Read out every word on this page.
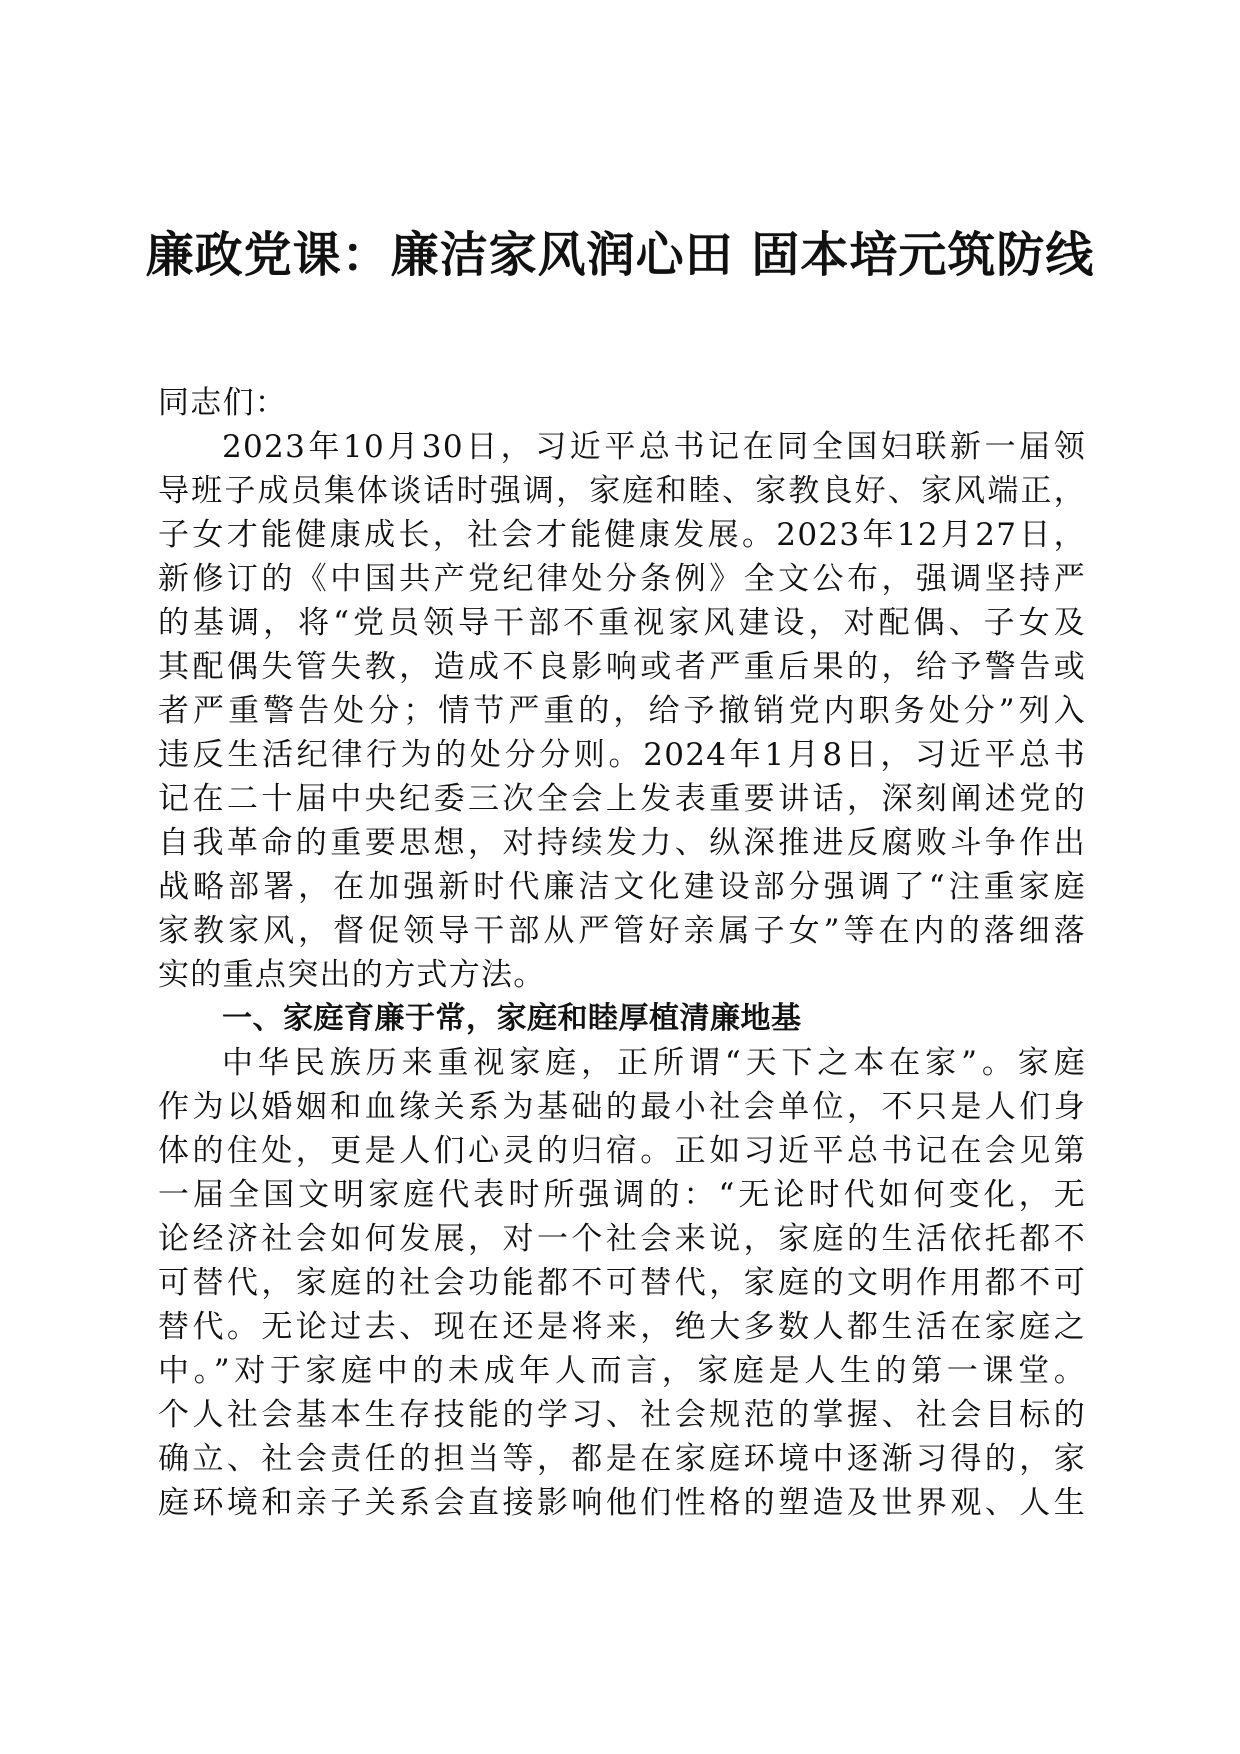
廉政党课：廉洁家风润心田 固本培元筑防线
同志们：
2023年10月30日，习近平总书记在同全国妇联新一届领
导班子成员集体谈话时强调，家庭和睦、家教良好、家风端正，
子女才能健康成长，社会才能健康发展。2023年12月27日，
新修订的《中国共产党纪律处分条例》全文公布，强调坚持严
的基调，将“党员领导干部不重视家风建设，对配偶、子女及
其配偶失管失教，造成不良影响或者严重后果的，给予警告或
者严重警告处分；情节严重的，给予撤销党内职务处分”列入
违反生活纪律行为的处分分则。2024年1月8日，习近平总书
记在二十届中央纪委三次全会上发表重要讲话，深刻阐述党的
自我革命的重要思想，对持续发力、纵深推进反腐败斗争作出
战略部署，在加强新时代廉洁文化建设部分强调了“注重家庭
家教家风，督促领导干部从严管好亲属子女”等在内的落细落
实的重点突出的方式方法。
一、家庭育廉于常，家庭和睦厚植清廉地基
中华民族历来重视家庭，正所谓“天下之本在家”。家庭
作为以婚姻和血缘关系为基础的最小社会单位，不只是人们身
体的住处，更是人们心灵的归宿。正如习近平总书记在会见第
一届全国文明家庭代表时所强调的：“无论时代如何变化，无
论经济社会如何发展，对一个社会来说，家庭的生活依托都不
可替代，家庭的社会功能都不可替代，家庭的文明作用都不可
替代。无论过去、现在还是将来，绝大多数人都生活在家庭之
中。”对于家庭中的未成年人而言，家庭是人生的第一课堂。
个人社会基本生存技能的学习、社会规范的掌握、社会目标的
确立、社会责任的担当等，都是在家庭环境中逐渐习得的，家
庭环境和亲子关系会直接影响他们性格的塑造及世界观、人生
